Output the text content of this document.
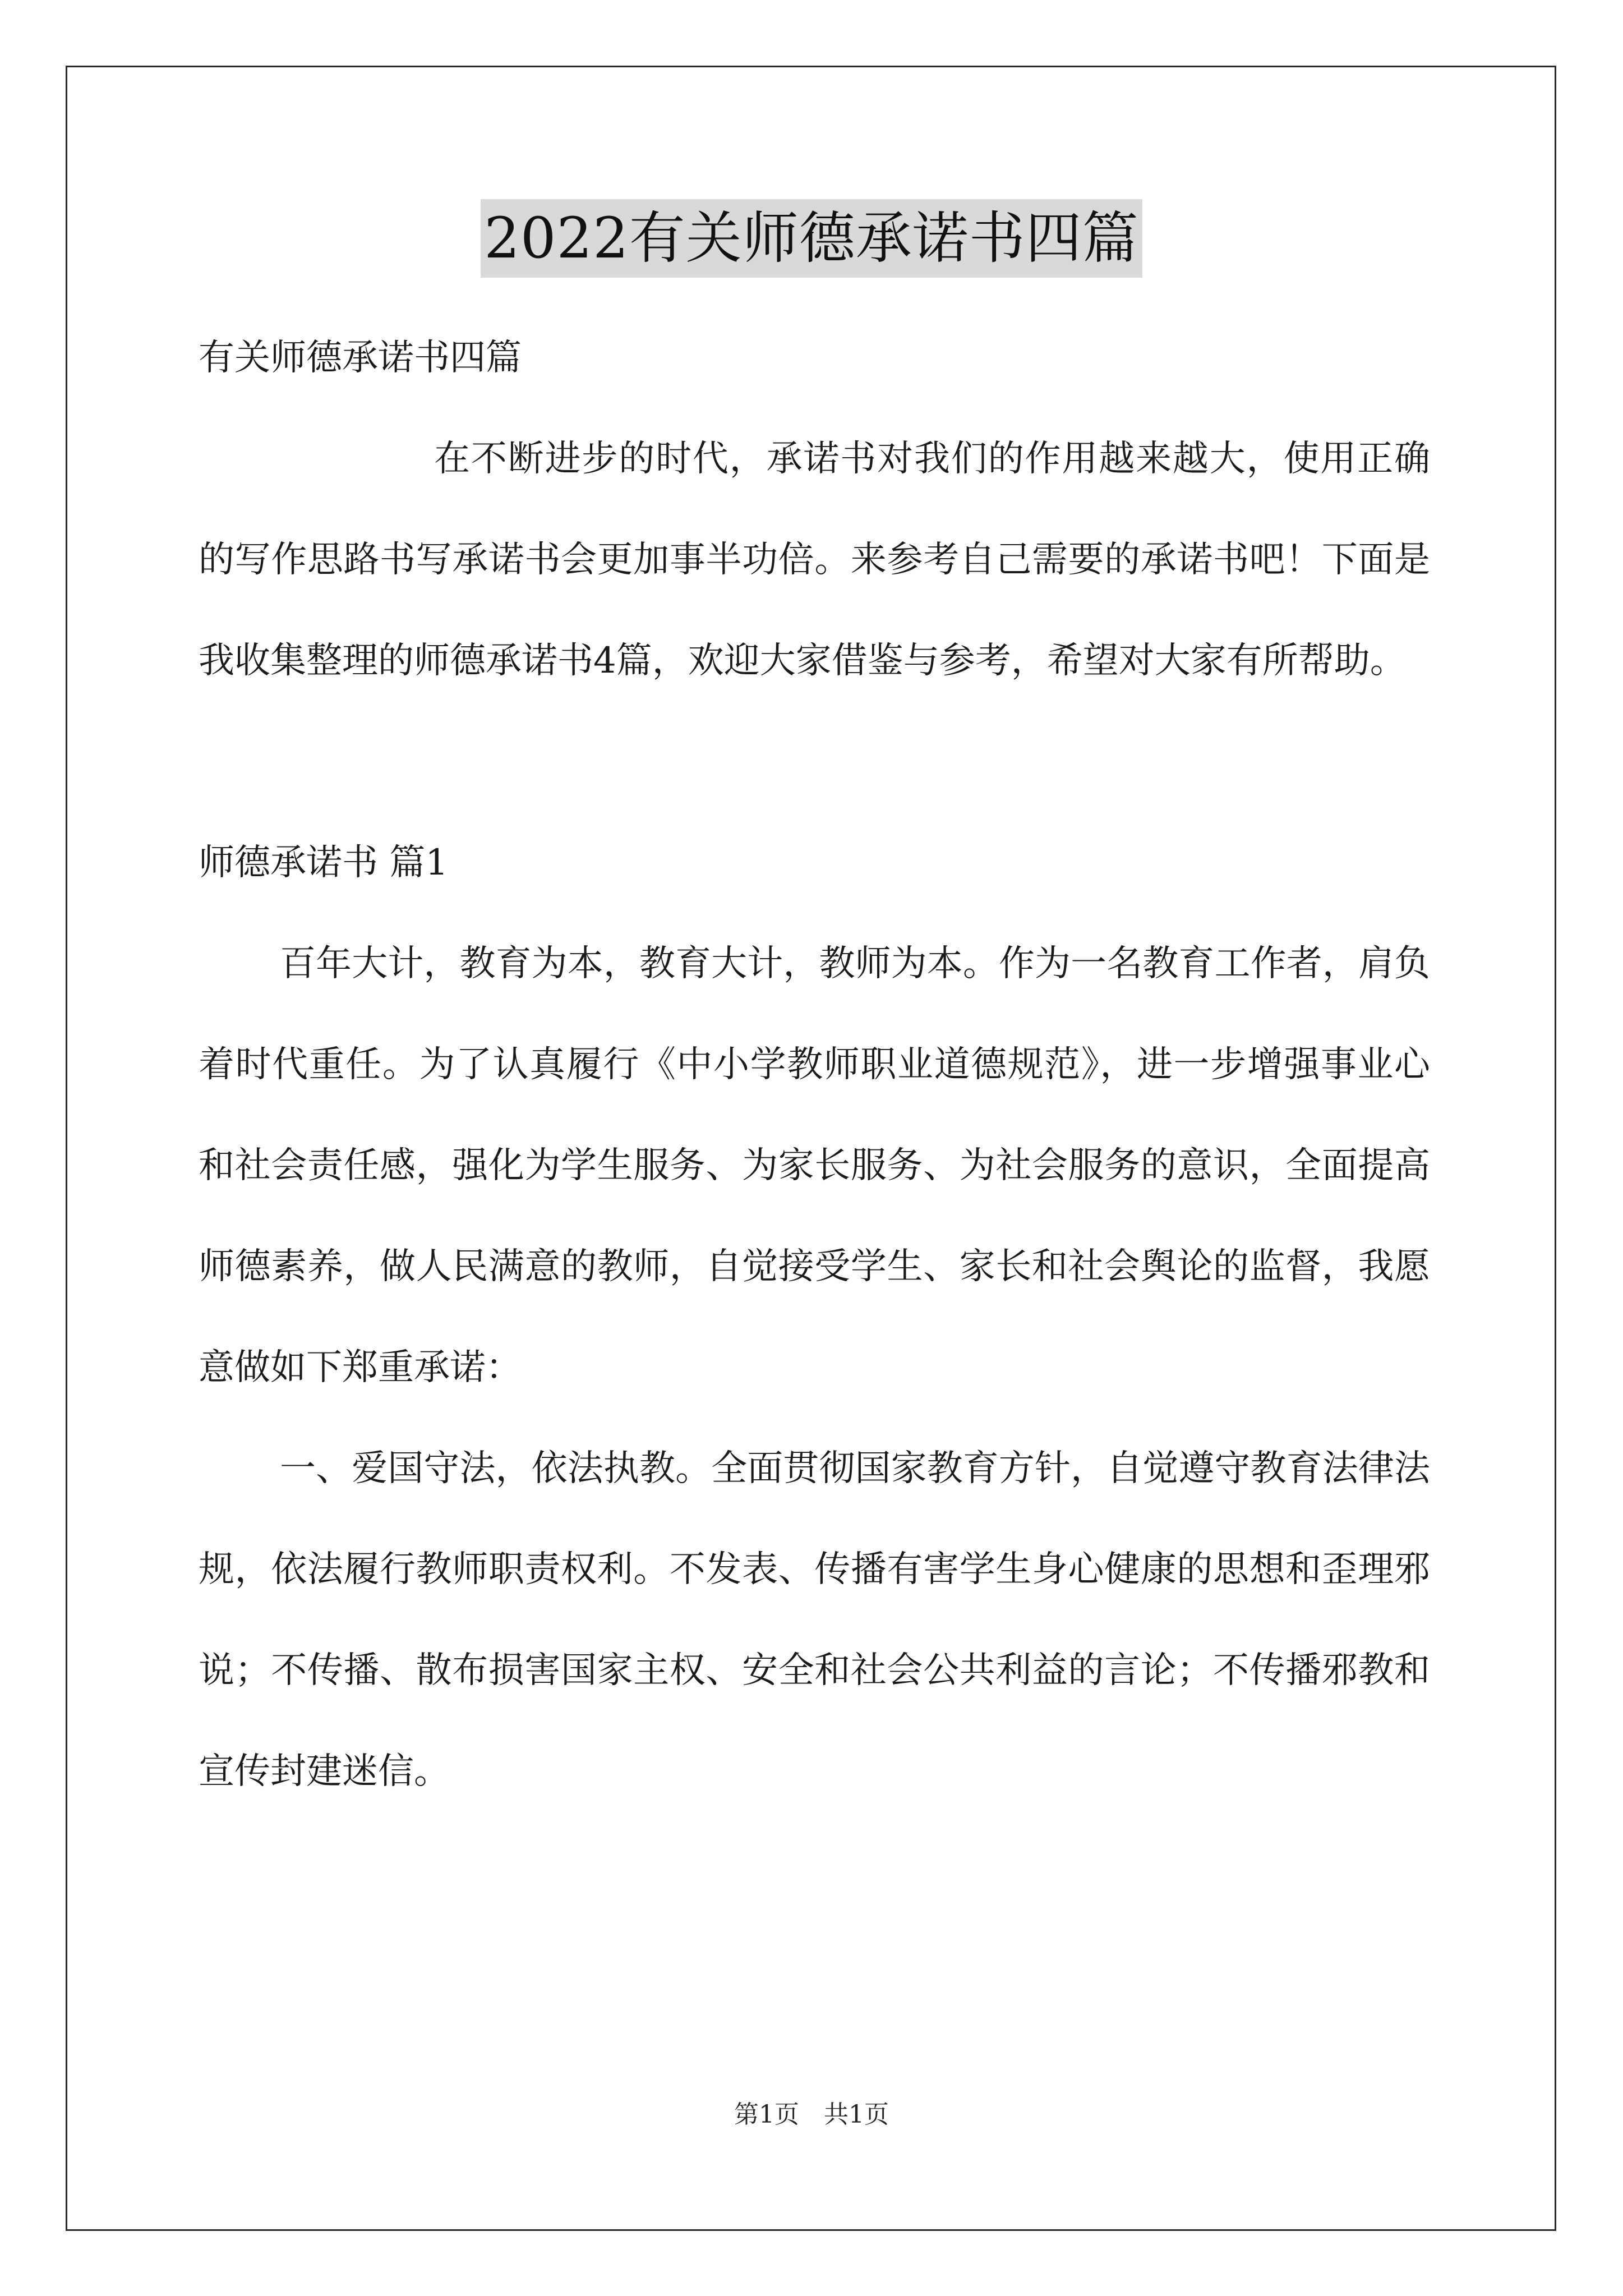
2022有关师德承诺书四篇

有关师德承诺书四篇

在不断进步的时代，承诺书对我们的作用越来越大，使用正确的写作思路书写承诺书会更加事半功倍。来参考自己需要的承诺书吧！下面是我收集整理的师德承诺书4篇，欢迎大家借鉴与参考，希望对大家有所帮助。

师德承诺书 篇1

百年大计，教育为本，教育大计，教师为本。作为一名教育工作者，肩负着时代重任。为了认真履行《中小学教师职业道德规范》，进一步增强事业心和社会责任感，强化为学生服务、为家长服务、为社会服务的意识，全面提高师德素养，做人民满意的教师，自觉接受学生、家长和社会舆论的监督，我愿意做如下郑重承诺：

一、爱国守法，依法执教。全面贯彻国家教育方针，自觉遵守教育法律法规，依法履行教师职责权利。不发表、传播有害学生身心健康的思想和歪理邪说；不传播、散布损害国家主权、安全和社会公共利益的言论；不传播邪教和宣传封建迷信。

第1页　共1页
